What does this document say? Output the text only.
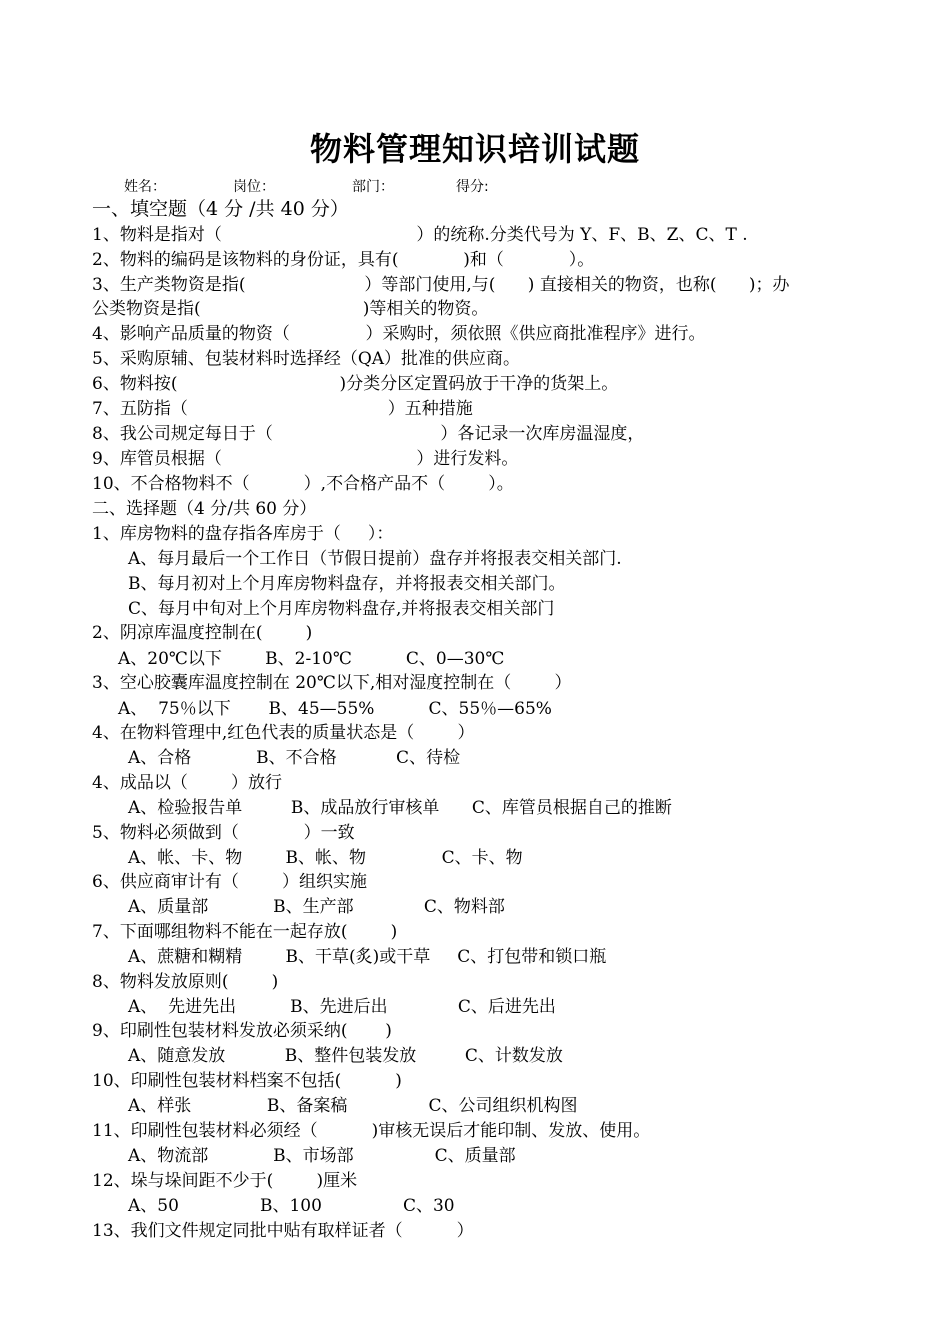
物料管理知识培训试题
姓名：	岗位：	部门：	得分:
一、填空题（4 分 /共 40 分）
1、物料是指对（                                    ）的统称.分类代号为 Y、F、B、Z、C、T .
2、物料的编码是该物料的身份证，具有(            )和（            ）。
3、生产类物资是指(                      ）等部门使用,与(      ) 直接相关的物资，也称(      )；办
公类物资是指(                              )等相关的物资。
4、影响产品质量的物资（              ）采购时，须依照《供应商批准程序》进行。
5、采购原辅、包装材料时选择经（QA）批准的供应商。
6、物料按(                              )分类分区定置码放于干净的货架上。
7、五防指（                                     ）五种措施
8、我公司规定每日于（                               ）各记录一次库房温湿度，
9、库管员根据（                                    ）进行发料。
10、不合格物料不（          ）,不合格产品不（        ）。
二、选择题（4 分/共 60 分）
1、库房物料的盘存指各库房于（     ）：
A、每月最后一个工作日（节假日提前）盘存并将报表交相关部门.
B、每月初对上个月库房物料盘存，并将报表交相关部门。
C、每月中旬对上个月库房物料盘存,并将报表交相关部门
2、阴凉库温度控制在(        )
A、20℃以下        B、2-10℃          C、0—30℃
3、空心胶囊库温度控制在 20℃以下,相对湿度控制在（        ）
A、  75％以下       B、45—55%          C、55％—65%
4、在物料管理中,红色代表的质量状态是（        ）
A、合格            B、不合格           C、待检
4、成品以（        ）放行
A、检验报告单         B、成品放行审核单      C、库管员根据自己的推断
5、物料必须做到（            ）一致
A、帐、卡、物        B、帐、物              C、卡、物
6、供应商审计有（        ）组织实施
A、质量部            B、生产部             C、物料部
7、下面哪组物料不能在一起存放(        )
A、蔗糖和糊精        B、干草(炙)或干草     C、打包带和锁口瓶
8、物料发放原则(        )
A、  先进先出          B、先进后出             C、后进先出
9、印刷性包装材料发放必须采纳(       )
A、随意发放           B、整件包装发放         C、计数发放
10、印刷性包装材料档案不包括(          )
A、样张              B、备案稿               C、公司组织机构图
11、印刷性包装材料必须经（          )审核无误后才能印制、发放、使用。
A、物流部            B、市场部               C、质量部
12、垛与垛间距不少于(        )厘米
A、50               B、100               C、30
13、我们文件规定同批中贴有取样证者（          ）
